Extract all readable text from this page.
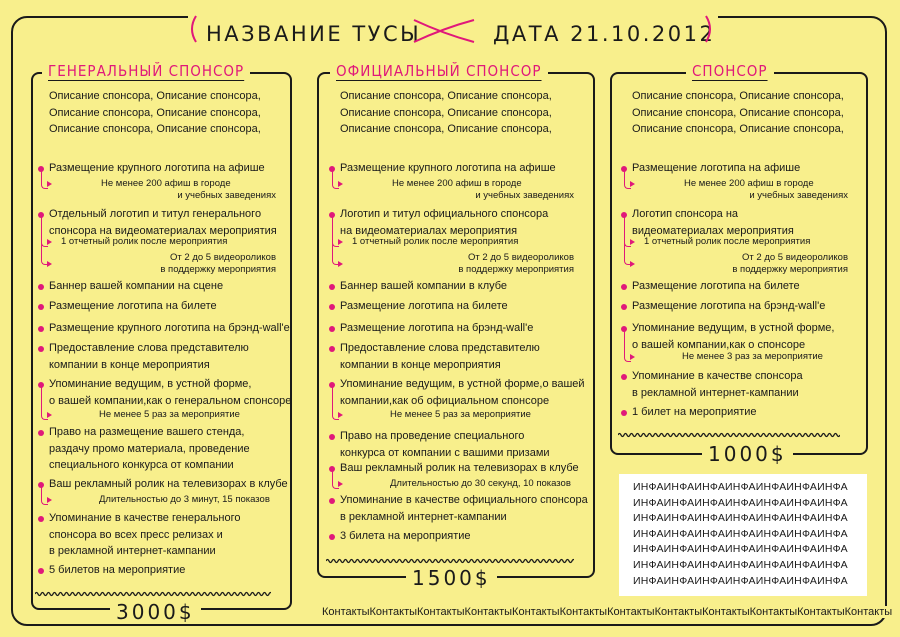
НАЗВАНИЕ ТУСЫ	ДАТА 21.10.2012
ГЕНЕРАЛЬНЫЙ СПОНСОР
Описание спонсора, Описание спонсора,
Описание спонсора, Описание спонсора,
Описание спонсора, Описание спонсора,
Размещение крупного логотипа на афише
Не менее 200 афиш в городе
и учебных заведениях
Отдельный логотип и титул генерального
спонсора на видеоматериалах мероприятия
1 отчетный ролик после мероприятия
От 2 до 5 видеороликов
в поддержку мероприятия
Баннер вашей компании на сцене
Размещение логотипа на билете
Размещение крупного логотипа на брэнд-wall'e
Предоставление слова представителю
компании в конце мероприятия
Упоминание ведущим, в устной форме,
о вашей компании,как о генеральном спонсоре
Не менее 5 раз за мероприятие
Право на размещение вашего стенда,
раздачу промо материала, проведение
специального конкурса от компании
Ваш рекламный ролик на телевизорах в клубе
Длительностью до 3 минут, 15 показов
Упоминание в качестве генерального
спонсора во всех пресс релизах и
в рекламной интернет-кампании
5 билетов на мероприятие
3000$
ОФИЦИАЛЬНЫЙ СПОНСОР
Описание спонсора, Описание спонсора,
Описание спонсора, Описание спонсора,
Описание спонсора, Описание спонсора,
Размещение крупного логотипа на афише
Не менее 200 афиш в городе
и учебных заведениях
Логотип и титул официального спонсора
на видеоматериалах мероприятия
1 отчетный ролик после мероприятия
От 2 до 5 видеороликов
в поддержку мероприятия
Баннер вашей компании в клубе
Размещение логотипа на билете
Размещение логотипа на брэнд-wall'e
Предоставление слова представителю
компании в конце мероприятия
Упоминание ведущим, в устной форме,о вашей
компании,как об официальном спонсоре
Не менее 5 раз за мероприятие
Право на проведение специального
конкурса от компании с вашими призами
Ваш рекламный ролик на телевизорах в клубе
Длительностью до 30 секунд, 10 показов
Упоминание в качестве официального спонсора
в рекламной интернет-кампании
3 билета на мероприятие
1500$
СПОНСОР
Описание спонсора, Описание спонсора,
Описание спонсора, Описание спонсора,
Описание спонсора, Описание спонсора,
Размещение логотипа на афише
Не менее 200 афиш в городе
и учебных заведениях
Логотип спонсора на
видеоматериалах мероприятия
1 отчетный ролик после мероприятия
От 2 до 5 видеороликов
в поддержку мероприятия
Размещение логотипа на билете
Размещение логотипа на брэнд-wall'e
Упоминание ведущим, в устной форме,
о вашей компании,как о спонсоре
Не менее 3 раз за мероприятие
Упоминание в качестве спонсора
в рекламной интернет-кампании
1 билет на мероприятие
1000$
ИНФАИНФАИНФАИНФАИНФАИНФАИНФА
ИНФАИНФАИНФАИНФАИНФАИНФАИНФА
ИНФАИНФАИНФАИНФАИНФАИНФАИНФА
ИНФАИНФАИНФАИНФАИНФАИНФАИНФА
ИНФАИНФАИНФАИНФАИНФАИНФАИНФА
ИНФАИНФАИНФАИНФАИНФАИНФАИНФА
ИНФАИНФАИНФАИНФАИНФАИНФАИНФА
КонтактыКонтактыКонтактыКонтактыКонтактыКонтактыКонтактыКонтактыКонтактыКонтактыКонтактыКонтакты
